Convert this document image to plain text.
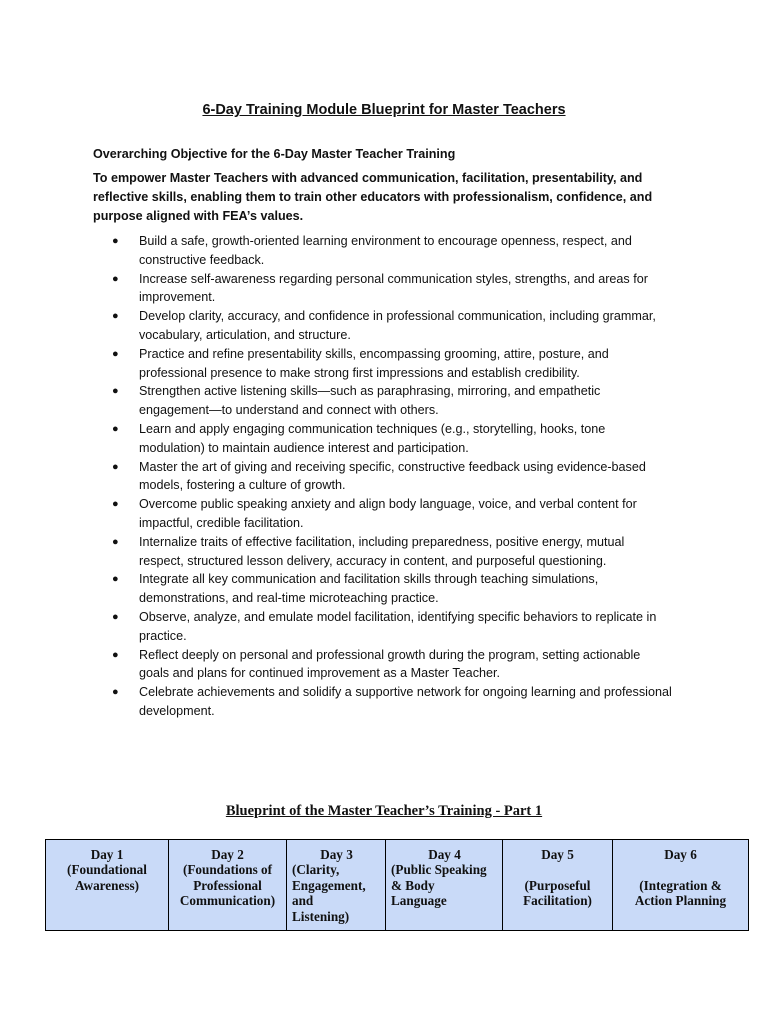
6-Day Training Module Blueprint for Master Teachers
Overarching Objective for the 6-Day Master Teacher Training
To empower Master Teachers with advanced communication, facilitation, presentability, and reflective skills, enabling them to train other educators with professionalism, confidence, and purpose aligned with FEA’s values.
● Build a safe, growth-oriented learning environment to encourage openness, respect, and constructive feedback.
● Increase self-awareness regarding personal communication styles, strengths, and areas for improvement.
● Develop clarity, accuracy, and confidence in professional communication, including grammar, vocabulary, articulation, and structure.
● Practice and refine presentability skills, encompassing grooming, attire, posture, and professional presence to make strong first impressions and establish credibility.
● Strengthen active listening skills—such as paraphrasing, mirroring, and empathetic engagement—to understand and connect with others.
● Learn and apply engaging communication techniques (e.g., storytelling, hooks, tone modulation) to maintain audience interest and participation.
● Master the art of giving and receiving specific, constructive feedback using evidence-based models, fostering a culture of growth.
● Overcome public speaking anxiety and align body language, voice, and verbal content for impactful, credible facilitation.
● Internalize traits of effective facilitation, including preparedness, positive energy, mutual respect, structured lesson delivery, accuracy in content, and purposeful questioning.
● Integrate all key communication and facilitation skills through teaching simulations, demonstrations, and real-time microteaching practice.
● Observe, analyze, and emulate model facilitation, identifying specific behaviors to replicate in practice.
● Reflect deeply on personal and professional growth during the program, setting actionable goals and plans for continued improvement as a Master Teacher.
● Celebrate achievements and solidify a supportive network for ongoing learning and professional development.
Blueprint of the Master Teacher’s Training - Part 1
Day 1
(Foundational
Awareness)

Day 2
(Foundations of
Professional
Communication)

Day 3
(Clarity,
Engagement,
and
Listening)

Day 4
(Public Speaking
& Body
Language

Day 5
(Purposeful
Facilitation)

Day 6
(Integration &
Action Planning
